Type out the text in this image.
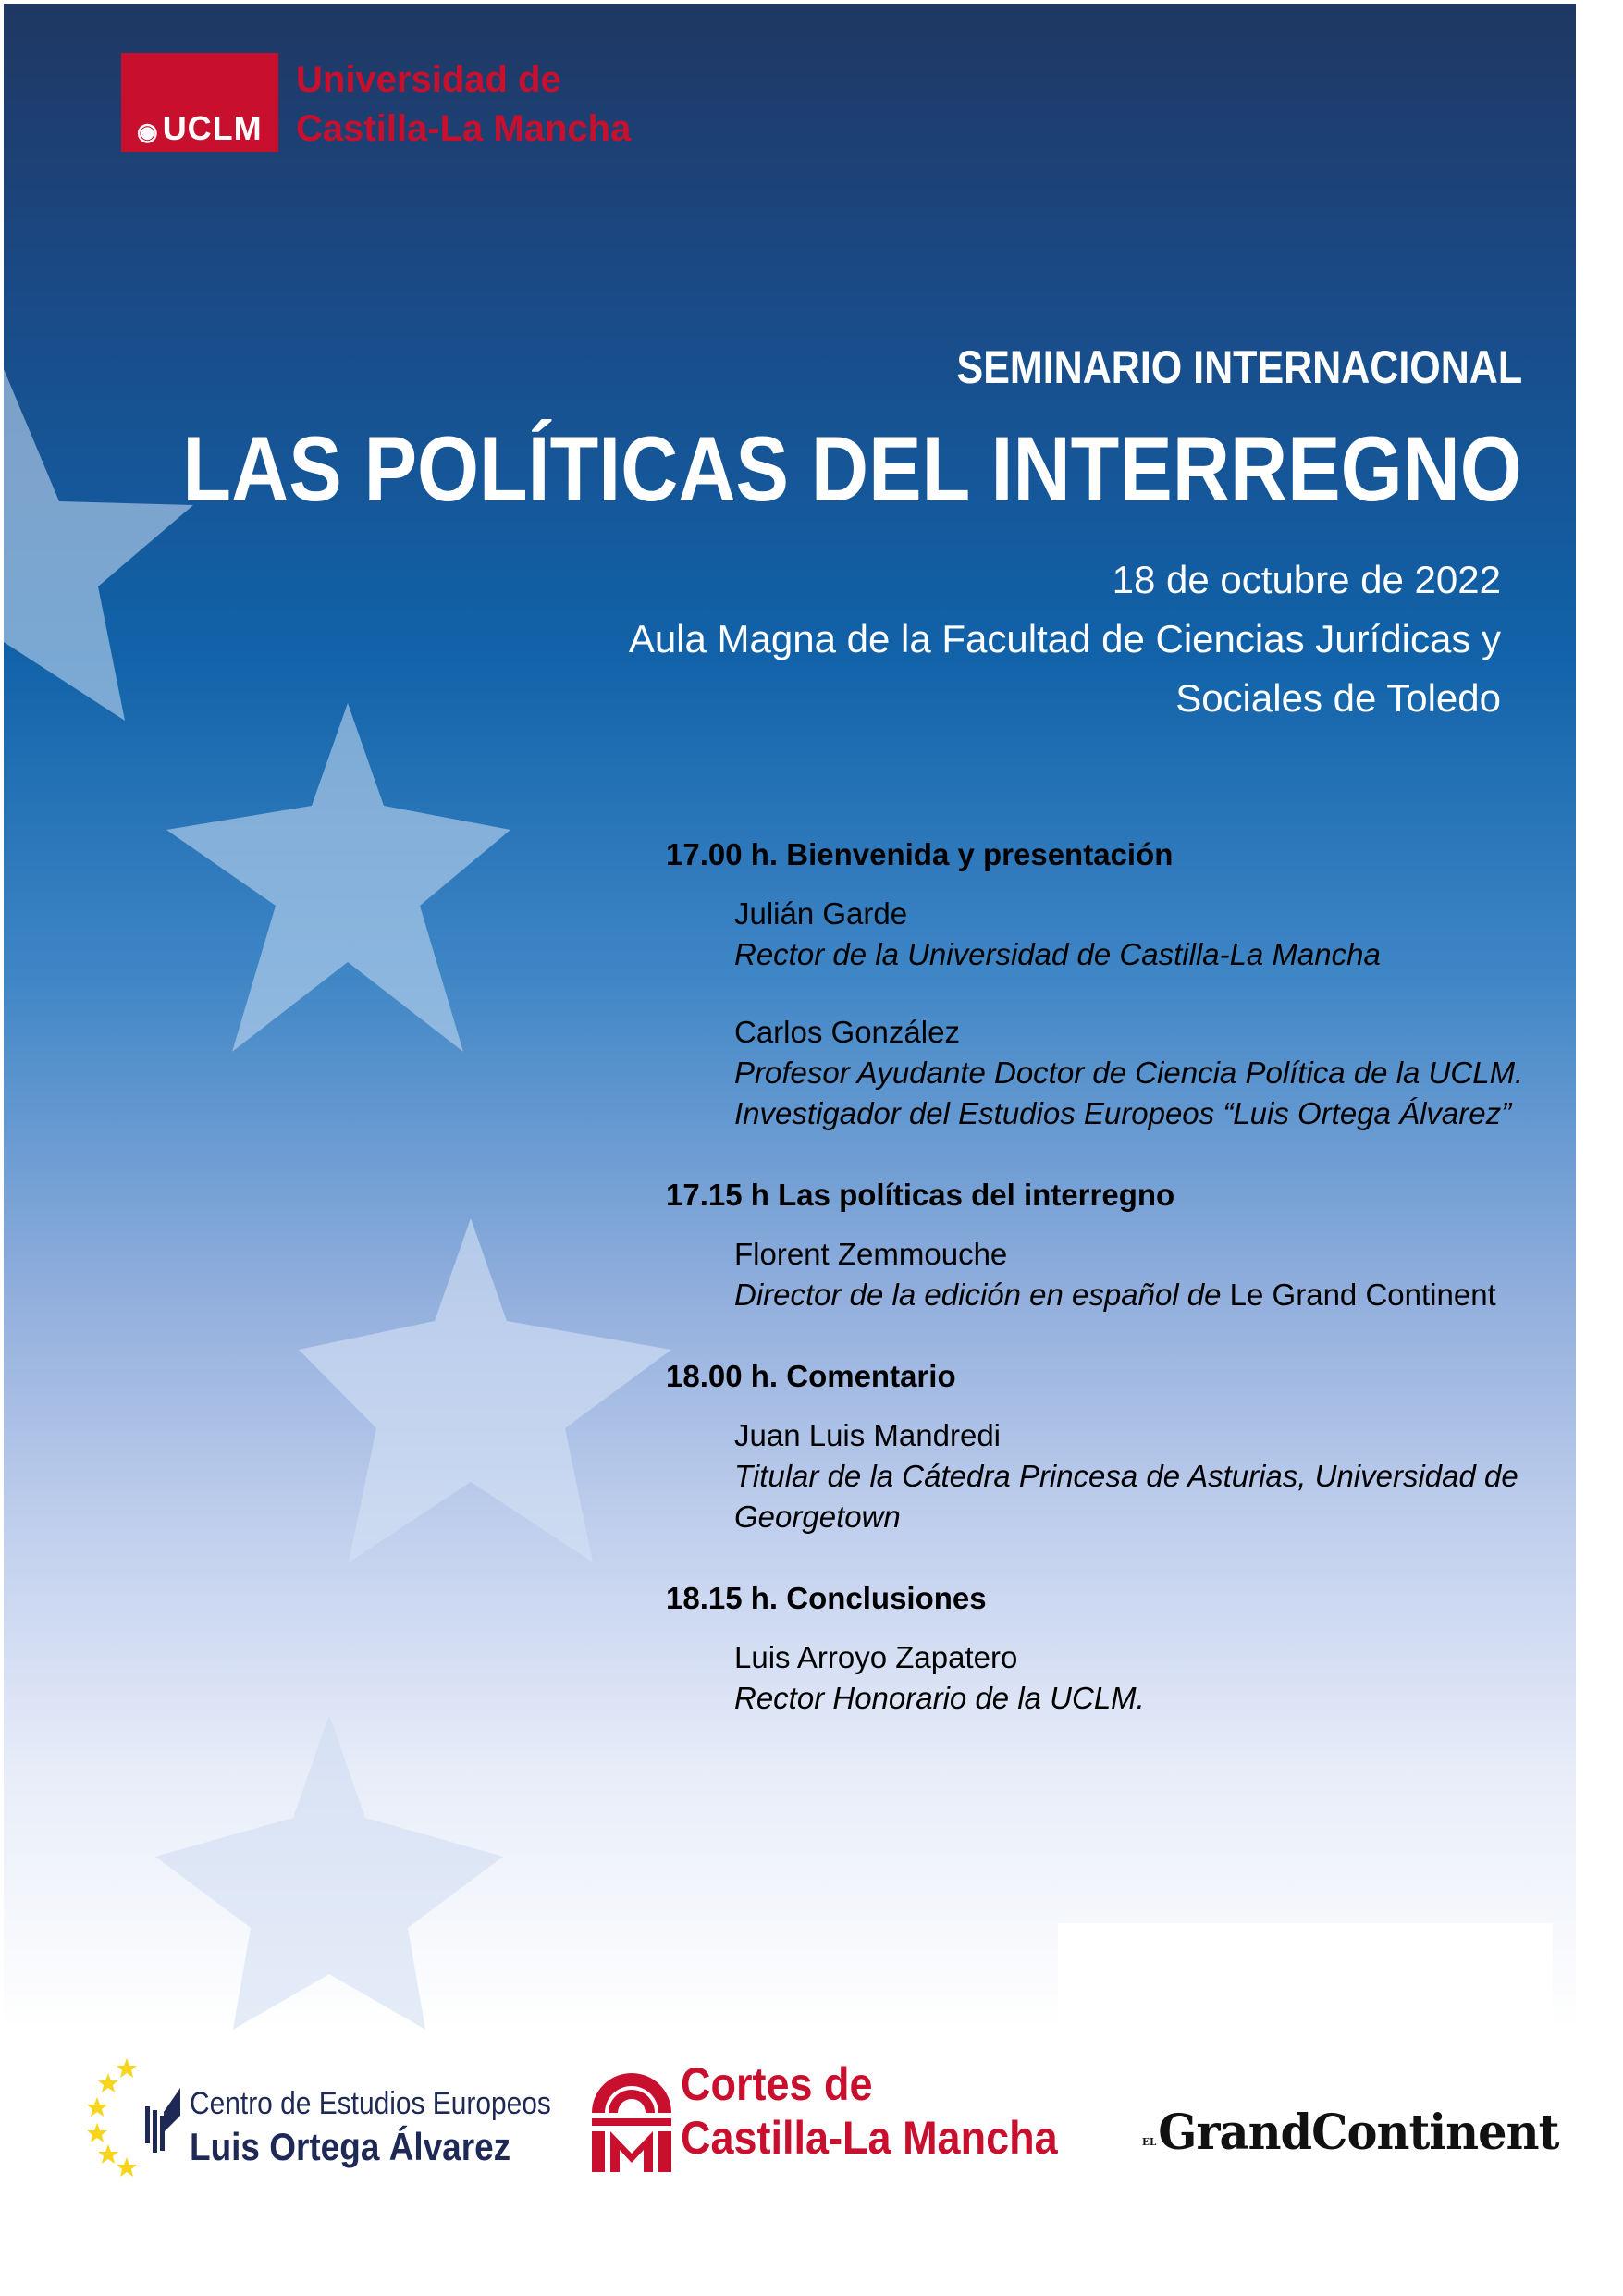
◉ UCLM
Universidad de
Castilla-La Mancha
SEMINARIO INTERNACIONAL
LAS POLÍTICAS DEL INTERREGNO
18 de octubre de 2022
Aula Magna de la Facultad de Ciencias Jurídicas y
Sociales de Toledo
17.00 h. Bienvenida y presentación
Julián Garde
Rector de la Universidad de Castilla-La Mancha
Carlos González
Profesor Ayudante Doctor de Ciencia Política de la UCLM.
Investigador del Estudios Europeos “Luis Ortega Álvarez”
17.15 h Las políticas del interregno
Florent Zemmouche
Director de la edición en español de Le Grand Continent
18.00 h. Comentario
Juan Luis Mandredi
Titular de la Cátedra Princesa de Asturias, Universidad de
Georgetown
18.15 h. Conclusiones
Luis Arroyo Zapatero
Rector Honorario de la UCLM.
Centro de Estudios Europeos
Luis Ortega Álvarez
Cortes de
Castilla-La Mancha	ELGrandContinent
